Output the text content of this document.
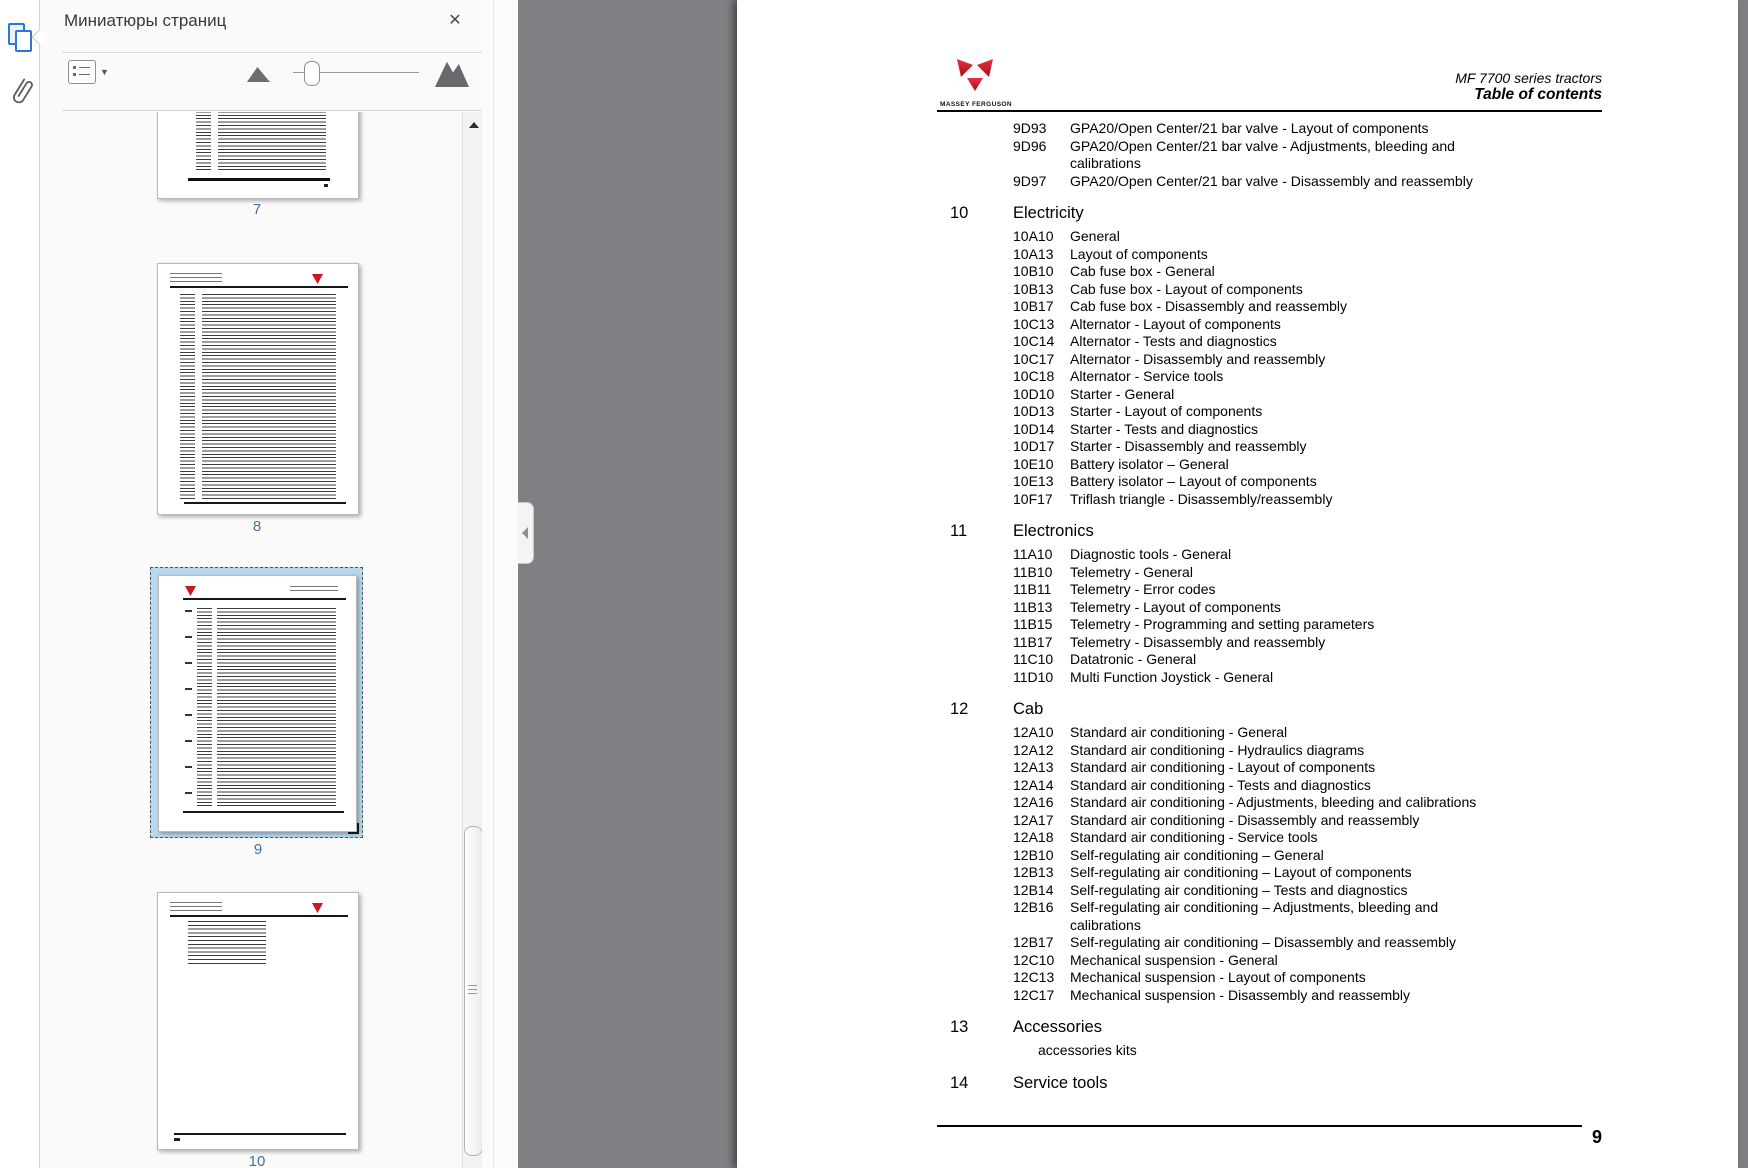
Миниатюры страниц	✕
▼
7
8
9
10
MASSEY FERGUSON
MF 7700 series tractors
Table of contents
9D93 GPA20/Open Center/21 bar valve - Layout of components
9D96 GPA20/Open Center/21 bar valve - Adjustments, bleeding and
calibrations
9D97 GPA20/Open Center/21 bar valve - Disassembly and reassembly
10	Electricity
10A10 General
10A13 Layout of components
10B10 Cab fuse box - General
10B13 Cab fuse box - Layout of components
10B17 Cab fuse box - Disassembly and reassembly
10C13 Alternator - Layout of components
10C14 Alternator - Tests and diagnostics
10C17 Alternator - Disassembly and reassembly
10C18 Alternator - Service tools
10D10 Starter - General
10D13 Starter - Layout of components
10D14 Starter - Tests and diagnostics
10D17 Starter - Disassembly and reassembly
10E10 Battery isolator – General
10E13 Battery isolator – Layout of components
10F17 Triflash triangle - Disassembly/reassembly
11	Electronics
11A10 Diagnostic tools - General
11B10 Telemetry - General
11B11 Telemetry - Error codes
11B13 Telemetry - Layout of components
11B15 Telemetry - Programming and setting parameters
11B17 Telemetry - Disassembly and reassembly
11C10 Datatronic - General
11D10 Multi Function Joystick - General
12	Cab
12A10 Standard air conditioning - General
12A12 Standard air conditioning - Hydraulics diagrams
12A13 Standard air conditioning - Layout of components
12A14 Standard air conditioning - Tests and diagnostics
12A16 Standard air conditioning - Adjustments, bleeding and calibrations
12A17 Standard air conditioning - Disassembly and reassembly
12A18 Standard air conditioning - Service tools
12B10 Self-regulating air conditioning – General
12B13 Self-regulating air conditioning – Layout of components
12B14 Self-regulating air conditioning – Tests and diagnostics
12B16 Self-regulating air conditioning – Adjustments, bleeding and
calibrations
12B17 Self-regulating air conditioning – Disassembly and reassembly
12C10 Mechanical suspension - General
12C13 Mechanical suspension - Layout of components
12C17 Mechanical suspension - Disassembly and reassembly
13	Accessories
accessories kits
14	Service tools
9
